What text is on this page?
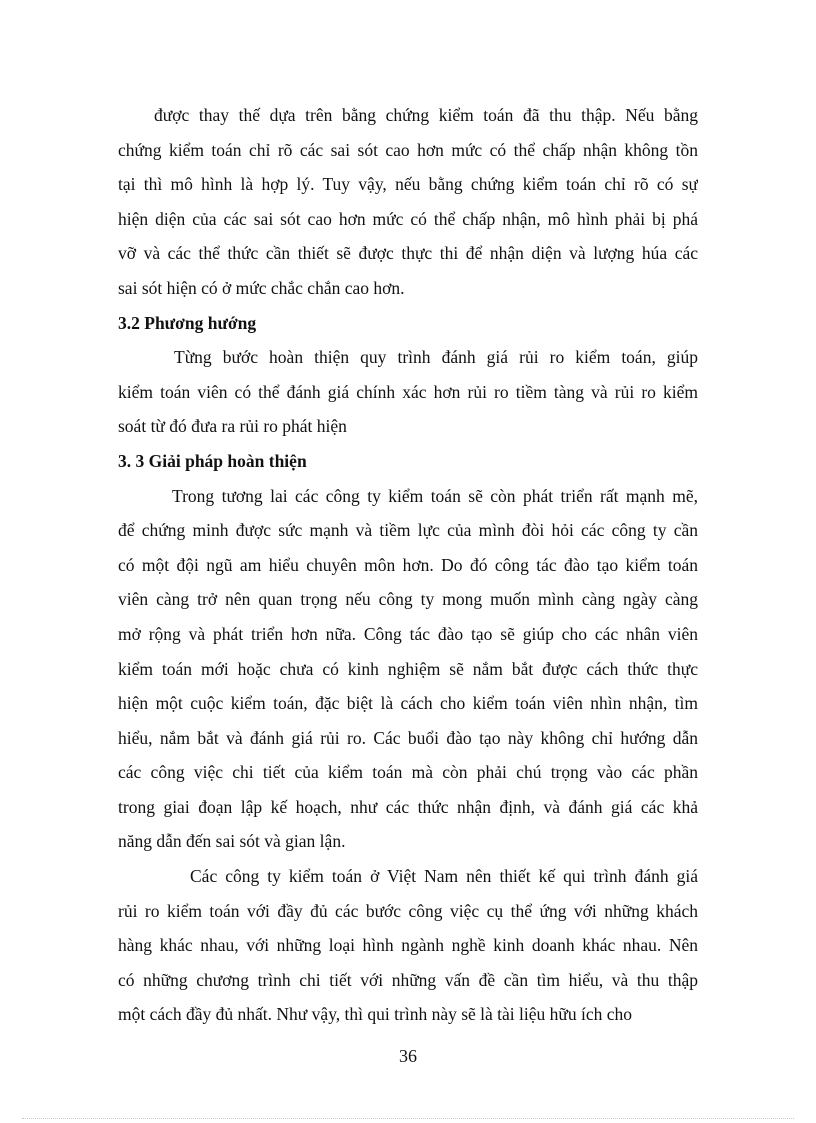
được thay thế dựa trên bằng chứng kiểm toán đã thu thập. Nếu bằng
chứng kiểm toán chỉ rõ các sai sót cao hơn mức có thể chấp nhận không tồn
tại thì mô hình là hợp lý. Tuy vậy, nếu bằng chứng kiểm toán chỉ rõ có sự
hiện diện của các sai sót cao hơn mức có thể chấp nhận, mô hình phải bị phá
vỡ và các thể thức cần thiết sẽ được thực thi để nhận diện và lượng húa các
sai sót hiện có ở mức chắc chắn cao hơn.
3.2 Phương hướng
Từng bước hoàn thiện quy trình đánh giá rủi ro kiểm toán, giúp
kiểm toán viên có thể đánh giá chính xác hơn rủi ro tiềm tàng và rủi ro kiểm
soát từ đó đưa ra rủi ro phát hiện
3. 3 Giải pháp hoàn thiện
Trong tương lai các công ty kiểm toán sẽ còn phát triển rất mạnh mẽ,
để chứng minh được sức mạnh và tiềm lực của mình đòi hỏi các công ty cần
có một đội ngũ am hiểu chuyên môn hơn. Do đó công tác đào tạo kiểm toán
viên càng trở nên quan trọng nếu công ty mong muốn mình càng ngày càng
mở rộng và phát triển hơn nữa. Công tác đào tạo sẽ giúp cho các nhân viên
kiểm toán mới hoặc chưa có kinh nghiệm sẽ nắm bắt được cách thức thực
hiện một cuộc kiểm toán, đặc biệt là cách cho kiểm toán viên nhìn nhận, tìm
hiểu, nắm bắt và đánh giá rủi ro. Các buổi đào tạo này không chỉ hướng dẫn
các công việc chi tiết của kiểm toán mà còn phải chú trọng vào các phần
trong giai đoạn lập kế hoạch, như các thức nhận định, và đánh giá các khả
năng dẫn đến sai sót và gian lận.
Các công ty kiểm toán ở Việt Nam nên thiết kế qui trình đánh giá
rủi ro kiểm toán với đầy đủ các bước công việc cụ thể ứng với những khách
hàng khác nhau, với những loại hình ngành nghề kinh doanh khác nhau. Nên
có những chương trình chi tiết với những vấn đề cần tìm hiểu, và thu thập
một cách đầy đủ nhất. Như vậy, thì qui trình này sẽ là tài liệu hữu ích cho
36
